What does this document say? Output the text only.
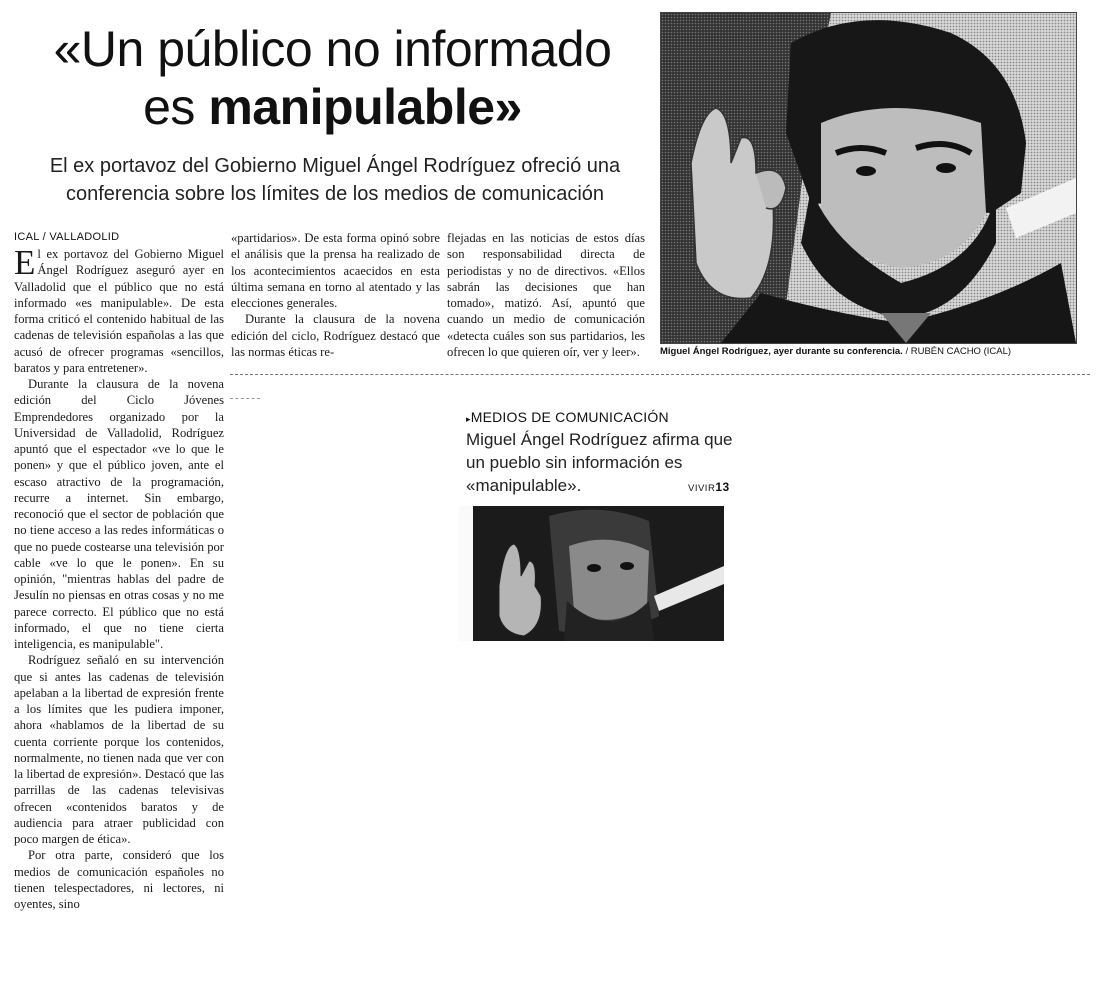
«Un público no informado
es manipulable»
El ex portavoz del Gobierno Miguel Ángel Rodríguez ofreció una conferencia sobre los límites de los medios de comunicación
ICAL / VALLADOLID

El ex portavoz del Gobierno Miguel Ángel Rodríguez aseguró ayer en Valladolid que el público que no está informado «es manipulable». De esta forma criticó el contenido habitual de las cadenas de televisión españolas a las que acusó de ofrecer programas «sencillos, baratos y para entretener».

Durante la clausura de la novena edición del Ciclo Jóvenes Emprendedores organizado por la Universidad de Valladolid, Rodríguez apuntó que el espectador «ve lo que le ponen» y que el público joven, ante el escaso atractivo de la programación, recurre a internet. Sin embargo, reconoció que el sector de población que no tiene acceso a las redes informáticas o que no puede costearse una televisión por cable «ve lo que le ponen». En su opinión, "mientras hablas del padre de Jesulín no piensas en otras cosas y no me parece correcto. El público que no está informado, el que no tiene cierta inteligencia, es manipulable".

Rodríguez señaló en su intervención que si antes las cadenas de televisión apelaban a la libertad de expresión frente a los límites que les pudiera imponer, ahora «hablamos de la libertad de su cuenta corriente porque los contenidos, normalmente, no tienen nada que ver con la libertad de expresión». Destacó que las parrillas de las cadenas televisivas ofrecen «contenidos baratos y de audiencia para atraer publicidad con poco margen de ética».

Por otra parte, consideró que los medios de comunicación españoles no tienen telespectadores, ni lectores, ni oyentes, sino

«partidarios». De esta forma opinó sobre el análisis que la prensa ha realizado de los acontecimientos acaecidos en esta última semana en torno al atentado y las elecciones generales.

Durante la clausura de la novena edición del ciclo, Rodríguez destacó que las normas éticas re-

flejadas en las noticias de estos días son responsabilidad directa de periodistas y no de directivos. «Ellos sabrán las decisiones que han tomado», matizó. Así, apuntó que cuando un medio de comunicación «detecta cuáles son sus partidarios, les ofrecen lo que quieren oír, ver y leer».	Miguel Ángel Rodríguez, ayer durante su conferencia. / RUBÉN CACHO (ICAL)
▸MEDIOS DE COMUNICACIÓN
Miguel Ángel Rodríguez afirma que un pueblo sin información es «manipulable».	VIVIR13
